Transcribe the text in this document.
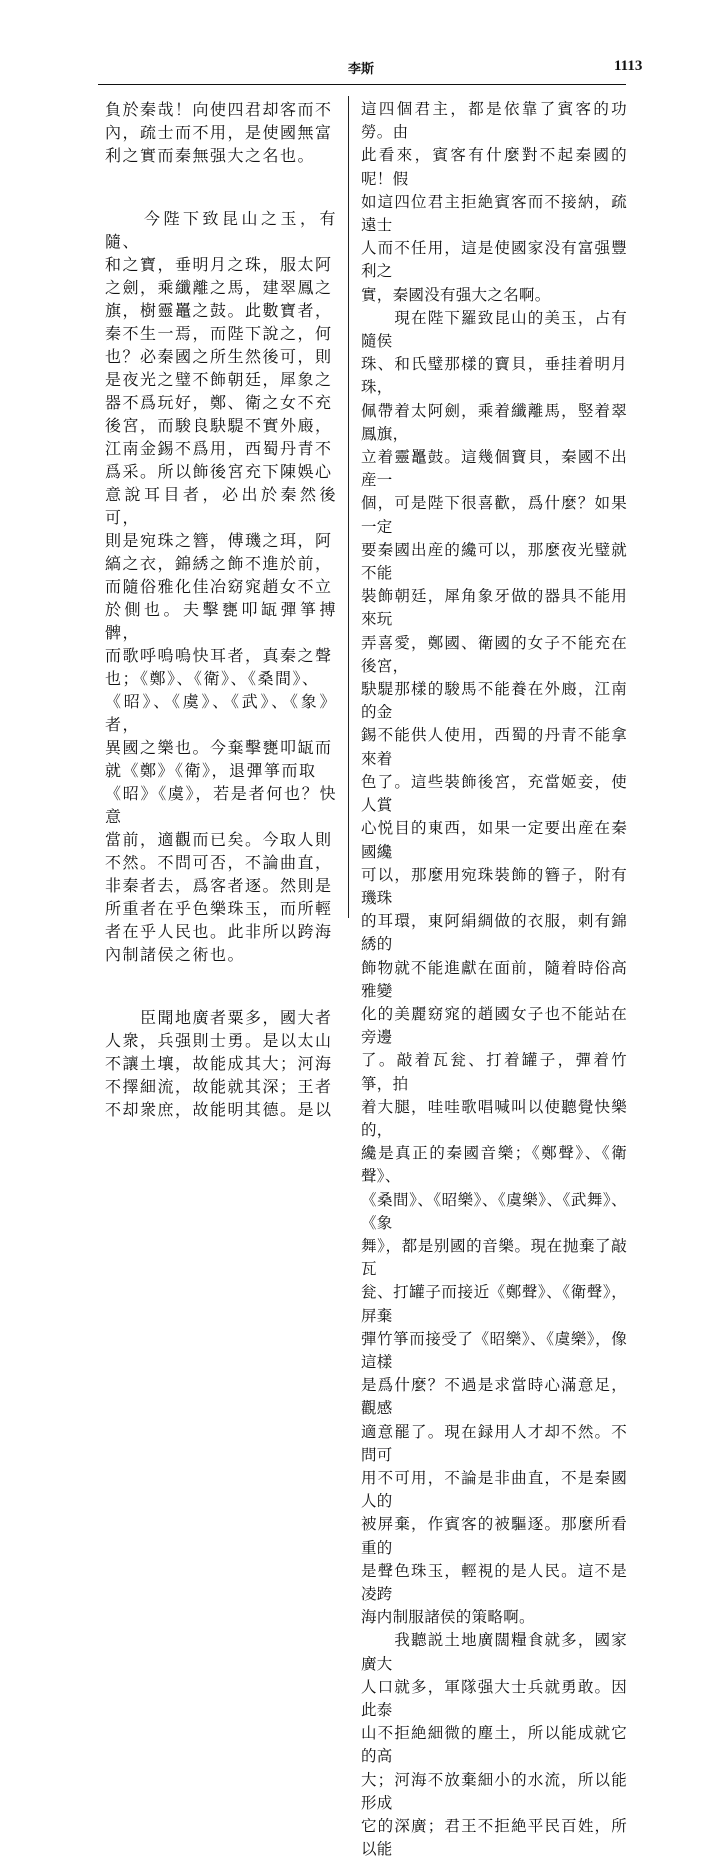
李斯	1113

負於秦哉！向使四君却客而不
內，疏士而不用，是使國無富
利之實而秦無强大之名也。

　　今陛下致昆山之玉，有隨、
和之寶，垂明月之珠，服太阿
之劍，乘纖離之馬，建翠鳳之
旗，樹靈鼉之鼓。此數寶者，
秦不生一焉，而陛下說之，何
也？必秦國之所生然後可，則
是夜光之璧不飾朝廷，犀象之
器不爲玩好，鄭、衛之女不充
後宮，而駿良駃騠不實外廄，
江南金錫不爲用，西蜀丹青不
爲采。所以飾後宮充下陳娛心
意說耳目者，必出於秦然後可，
則是宛珠之簪，傅璣之珥，阿
縞之衣，錦綉之飾不進於前，
而隨俗雅化佳冶窈窕趙女不立
於側也。夫擊甕叩缻彈箏搏髀，
而歌呼嗚嗚快耳者，真秦之聲
也；《鄭》、《衛》、《桑間》、
《昭》、《虞》、《武》、《象》者，
異國之樂也。今棄擊甕叩缻而
就《鄭》《衛》，退彈箏而取
《昭》《虞》，若是者何也？快意
當前，適觀而已矣。今取人則
不然。不問可否，不論曲直，
非秦者去，爲客者逐。然則是
所重者在乎色樂珠玉，而所輕
者在乎人民也。此非所以跨海
內制諸侯之術也。

　　臣聞地廣者粟多，國大者
人衆，兵强則士勇。是以太山
不讓土壤，故能成其大；河海
不擇細流，故能就其深；王者
不却衆庶，故能明其德。是以

這四個君主，都是依靠了賓客的功勞。由
此看來，賓客有什麼對不起秦國的呢！假
如這四位君主拒絶賓客而不接納，疏遠士
人而不任用，這是使國家没有富强豐利之
實，秦國没有强大之名啊。

　　現在陛下羅致昆山的美玉，占有隨侯
珠、和氏璧那樣的寶貝，垂挂着明月珠，
佩帶着太阿劍，乘着纖離馬，竪着翠鳳旗，
立着靈鼉鼓。這幾個寶貝，秦國不出産一
個，可是陛下很喜歡，爲什麼？如果一定
要秦國出産的纔可以，那麼夜光璧就不能
裝飾朝廷，犀角象牙做的器具不能用來玩
弄喜愛，鄭國、衛國的女子不能充在後宮，
駃騠那樣的駿馬不能養在外廄，江南的金
錫不能供人使用，西蜀的丹青不能拿來着
色了。這些裝飾後宮，充當姬妾，使人賞
心悦目的東西，如果一定要出産在秦國纔
可以，那麼用宛珠裝飾的簪子，附有璣珠
的耳環，東阿絹綢做的衣服，刺有錦綉的
飾物就不能進獻在面前，隨着時俗高雅變
化的美麗窈窕的趙國女子也不能站在旁邊
了。敲着瓦瓮、打着罐子，彈着竹箏，拍
着大腿，哇哇歌唱喊叫以使聽覺快樂的，
纔是真正的秦國音樂；《鄭聲》、《衛聲》、
《桑間》、《昭樂》、《虞樂》、《武舞》、《象
舞》，都是别國的音樂。現在抛棄了敲瓦
瓮、打罐子而接近《鄭聲》、《衛聲》，屏棄
彈竹箏而接受了《昭樂》、《虞樂》，像這樣
是爲什麼？不過是求當時心滿意足，觀感
適意罷了。現在録用人才却不然。不問可
用不可用，不論是非曲直，不是秦國人的
被屏棄，作賓客的被驅逐。那麼所看重的
是聲色珠玉，輕視的是人民。這不是凌跨
海内制服諸侯的策略啊。

　　我聽説土地廣闊糧食就多，國家廣大
人口就多，軍隊强大士兵就勇敢。因此泰
山不拒絶細微的塵土，所以能成就它的高
大；河海不放棄細小的水流，所以能形成
它的深廣；君王不拒絶平民百姓，所以能
